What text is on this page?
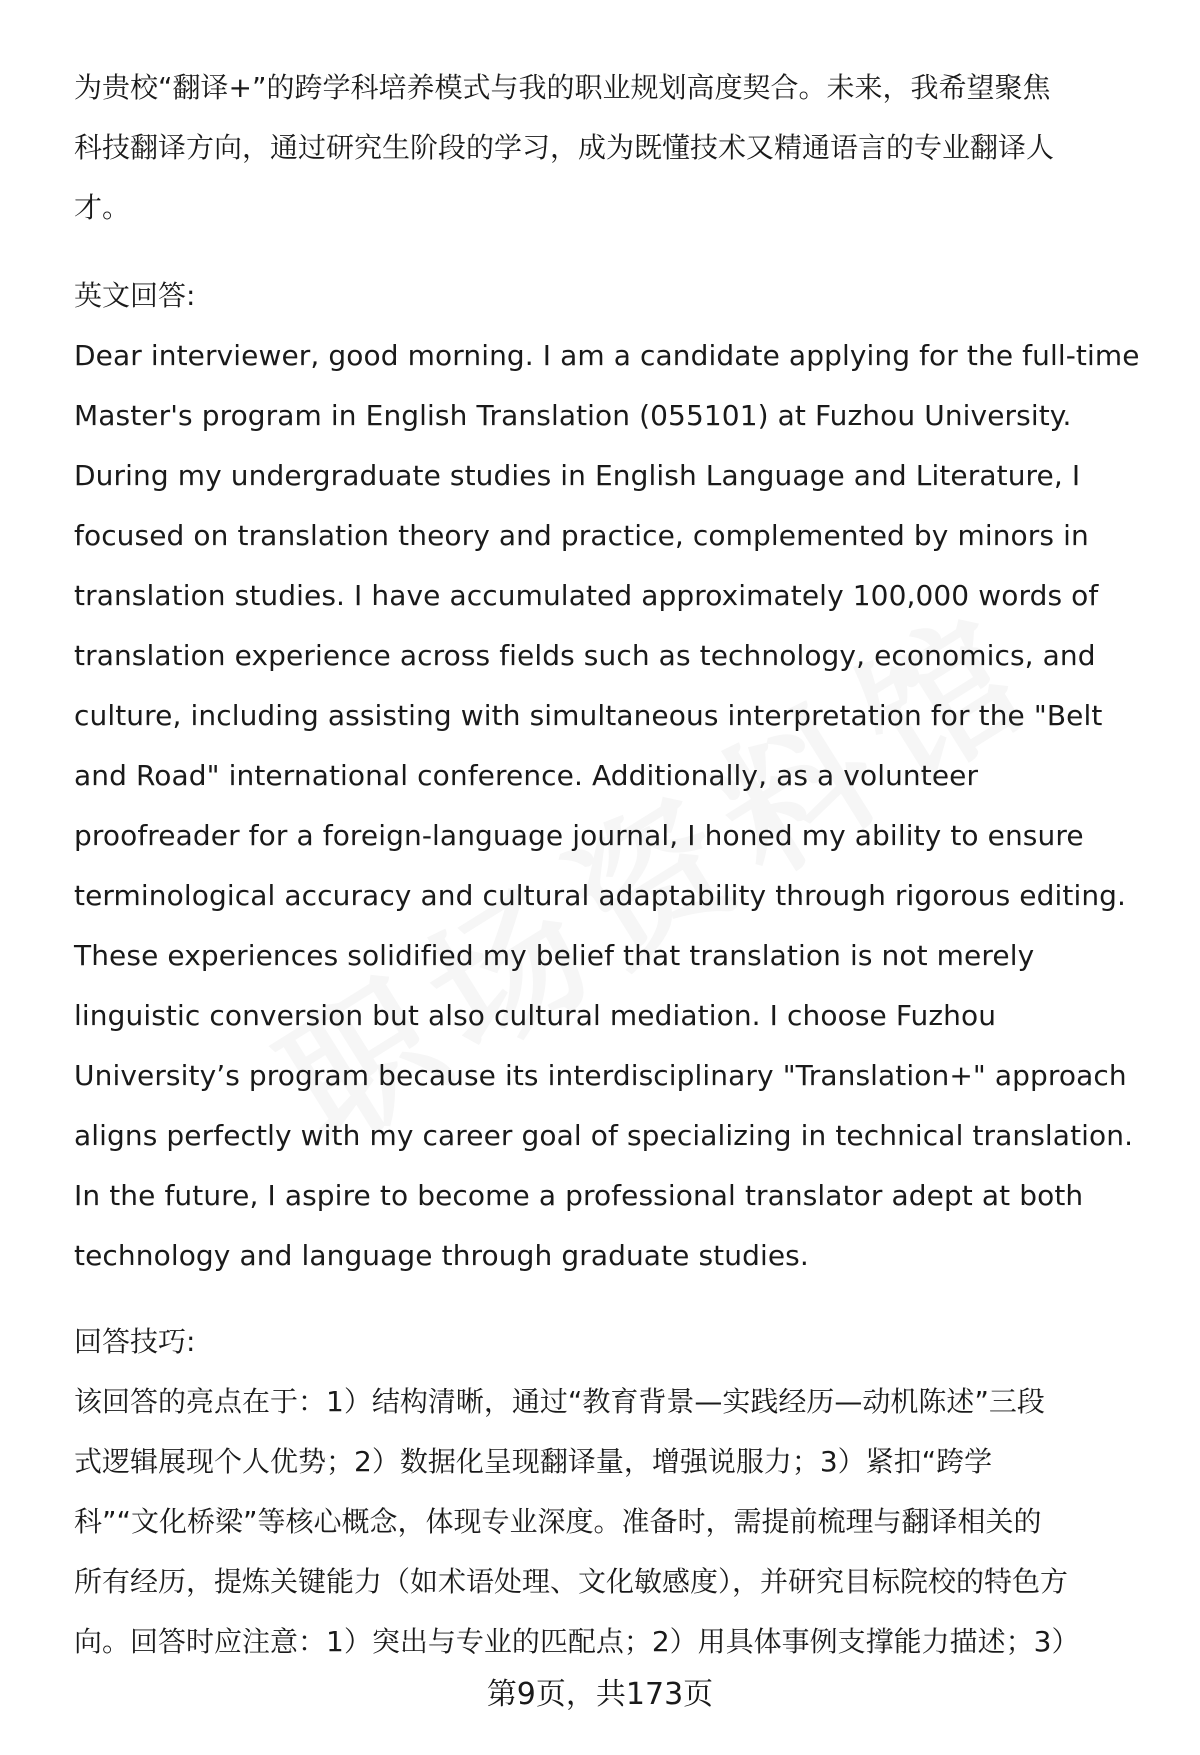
为贵校“翻译+”的跨学科培养模式与我的职业规划高度契合。未来，我希望聚焦
科技翻译方向，通过研究生阶段的学习，成为既懂技术又精通语言的专业翻译人
才。

英文回答:

Dear interviewer, good morning. I am a candidate applying for the full-time
Master's program in English Translation (055101) at Fuzhou University.
During my undergraduate studies in English Language and Literature, I
focused on translation theory and practice, complemented by minors in
translation studies. I have accumulated approximately 100,000 words of
translation experience across fields such as technology, economics, and
culture, including assisting with simultaneous interpretation for the "Belt
and Road" international conference. Additionally, as a volunteer
proofreader for a foreign-language journal, I honed my ability to ensure
terminological accuracy and cultural adaptability through rigorous editing.
These experiences solidified my belief that translation is not merely
linguistic conversion but also cultural mediation. I choose Fuzhou
University’s program because its interdisciplinary "Translation+" approach
aligns perfectly with my career goal of specializing in technical translation.
In the future, I aspire to become a professional translator adept at both
technology and language through graduate studies.

回答技巧:

该回答的亮点在于：1）结构清晰，通过“教育背景—实践经历—动机陈述”三段
式逻辑展现个人优势；2）数据化呈现翻译量，增强说服力；3）紧扣“跨学
科”“文化桥梁”等核心概念，体现专业深度。准备时，需提前梳理与翻译相关的
所有经历，提炼关键能力（如术语处理、文化敏感度），并研究目标院校的特色方
向。回答时应注意：1）突出与专业的匹配点；2）用具体事例支撑能力描述；3）

第9页，共173页
